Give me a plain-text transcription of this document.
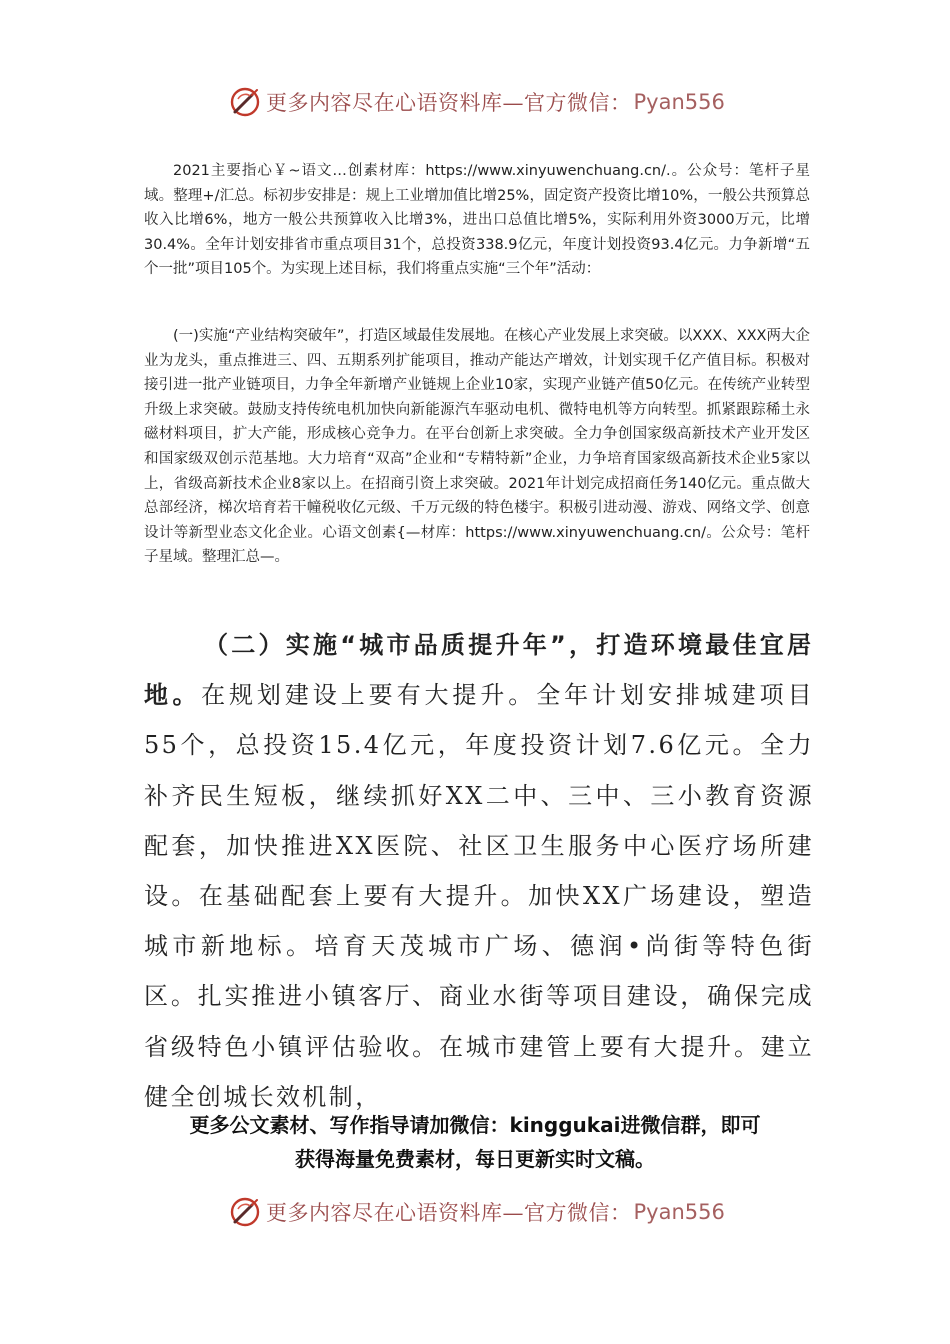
更多内容尽在心语资料库—官方微信： Pyan556

2021主要指心￥~语文…创素材库：https://www.xinyuwenchuang.cn/.。公众号：笔杆子星域。整理+/汇总。标初步安排是：规上工业增加值比增25%，固定资产投资比增10%，一般公共预算总收入比增6%，地方一般公共预算收入比增3%，进出口总值比增5%，实际利用外资3000万元，比增30.4%。全年计划安排省市重点项目31个，总投资338.9亿元，年度计划投资93.4亿元。力争新增“五个一批”项目105个。为实现上述目标，我们将重点实施“三个年”活动：

(一)实施“产业结构突破年”，打造区域最佳发展地。在核心产业发展上求突破。以XXX、XXX两大企业为龙头，重点推进三、四、五期系列扩能项目，推动产能达产增效，计划实现千亿产值目标。积极对接引进一批产业链项目，力争全年新增产业链规上企业10家，实现产业链产值50亿元。在传统产业转型升级上求突破。鼓励支持传统电机加快向新能源汽车驱动电机、微特电机等方向转型。抓紧跟踪稀土永磁材料项目，扩大产能，形成核心竞争力。在平台创新上求突破。全力争创国家级高新技术产业开发区和国家级双创示范基地。大力培育“双高”企业和“专精特新”企业，力争培育国家级高新技术企业5家以上，省级高新技术企业8家以上。在招商引资上求突破。2021年计划完成招商任务140亿元。重点做大总部经济，梯次培育若干幢税收亿元级、千万元级的特色楼宇。积极引进动漫、游戏、网络文学、创意设计等新型业态文化企业。心语文创素{—材库：https://www.xinyuwenchuang.cn/。公众号：笔杆子星域。整理汇总—。

（二）实施“城市品质提升年”，打造环境最佳宜居地。在规划建设上要有大提升。全年计划安排城建项目55个，总投资15.4亿元，年度投资计划7.6亿元。全力补齐民生短板，继续抓好XX二中、三中、三小教育资源配套，加快推进XX医院、社区卫生服务中心医疗场所建设。在基础配套上要有大提升。加快XX广场建设，塑造城市新地标。培育天茂城市广场、德润•尚街等特色街区。扎实推进小镇客厅、商业水街等项目建设，确保完成省级特色小镇评估验收。在城市建管上要有大提升。建立健全创城长效机制，

更多公文素材、写作指导请加微信：kinggukai进微信群，即可
获得海量免费素材，每日更新实时文稿。
更多内容尽在心语资料库—官方微信： Pyan556
